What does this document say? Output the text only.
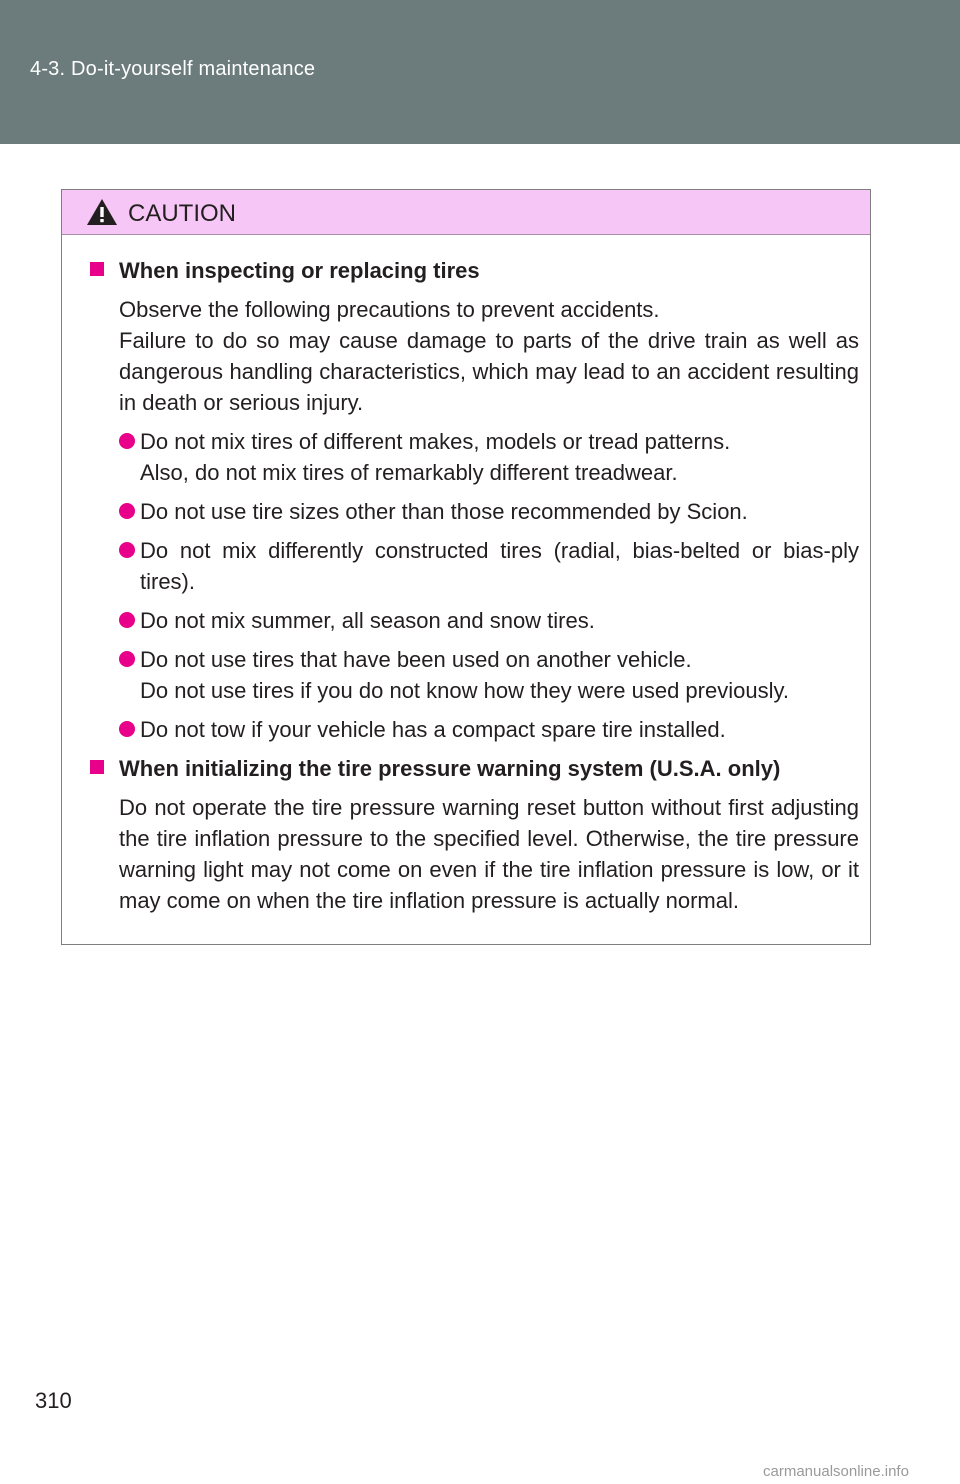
4-3. Do-it-yourself maintenance
CAUTION

When inspecting or replacing tires

Observe the following precautions to prevent accidents.
Failure to do so may cause damage to parts of the drive train as well as dangerous handling characteristics, which may lead to an accident resulting in death or serious injury.

Do not mix tires of different makes, models or tread patterns.
Also, do not mix tires of remarkably different treadwear.
Do not use tire sizes other than those recommended by Scion.
Do not mix differently constructed tires (radial, bias-belted or bias-ply tires).
Do not mix summer, all season and snow tires.
Do not use tires that have been used on another vehicle.
Do not use tires if you do not know how they were used previously.
Do not tow if your vehicle has a compact spare tire installed.

When initializing the tire pressure warning system (U.S.A. only)

Do not operate the tire pressure warning reset button without first adjusting the tire inflation pressure to the specified level. Otherwise, the tire pressure warning light may not come on even if the tire inflation pressure is low, or it may come on when the tire inflation pressure is actually normal.

310
carmanualsonline.info
